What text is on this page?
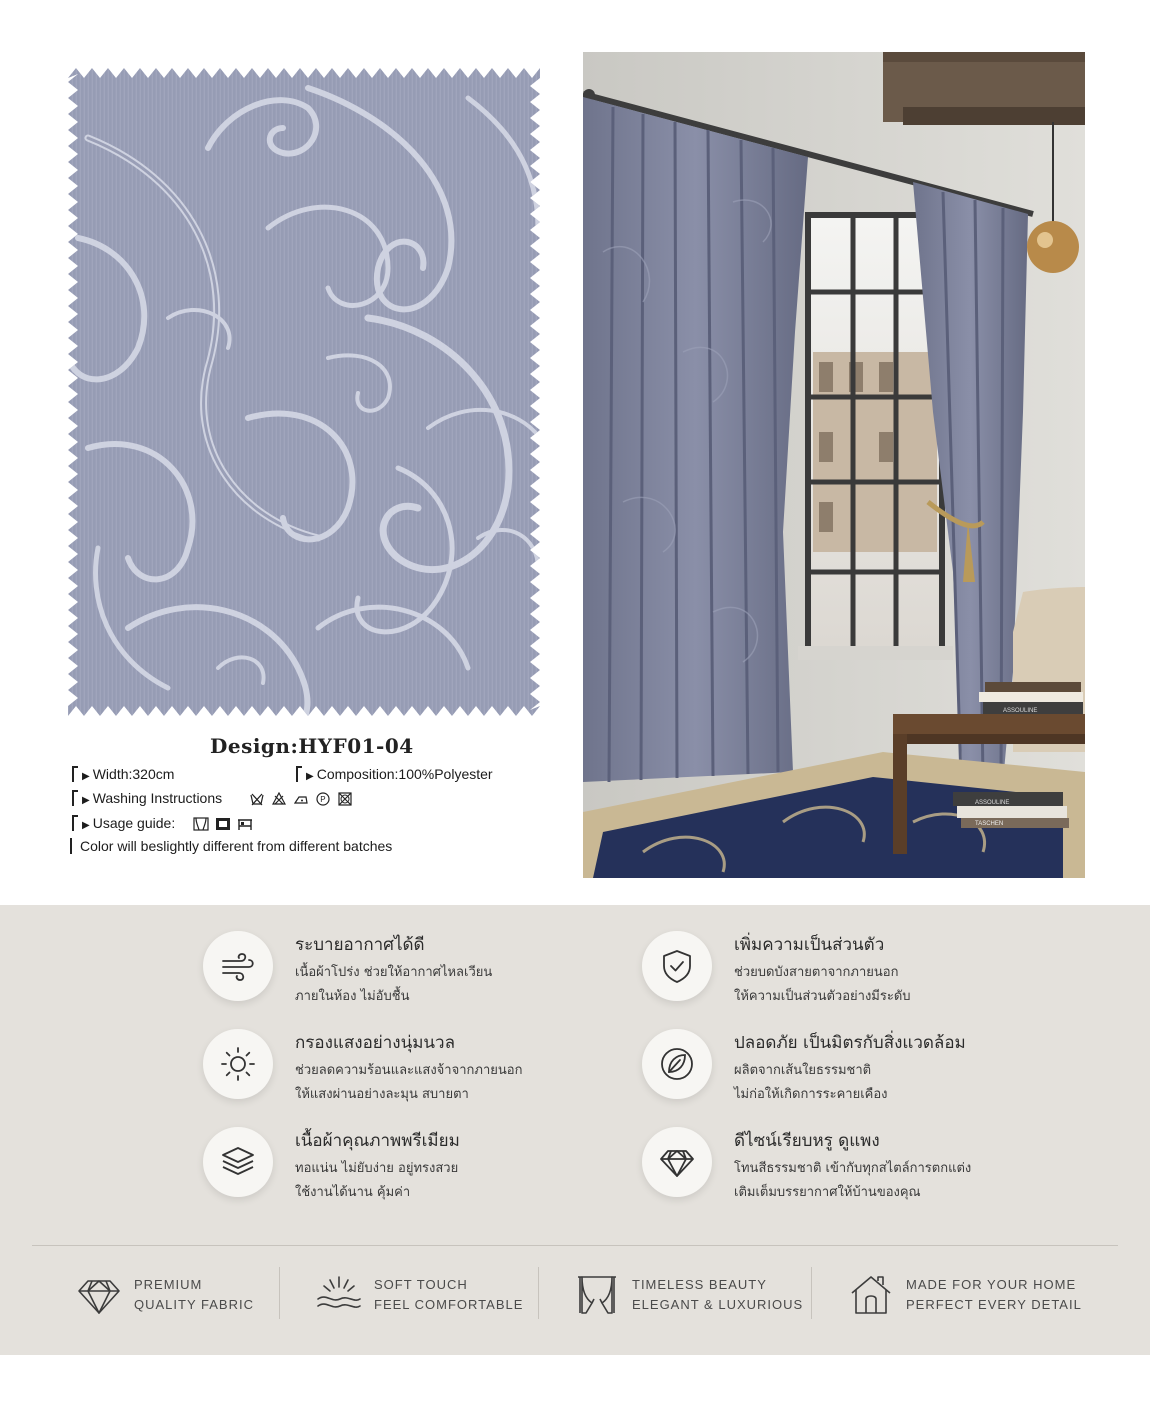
ASSOULINE
TASCHEN
ASSOULINE
Design:HYF01-04
▶ Width:320cm	▶ Composition:100%Polyester
▶ Washing Instructions	P
▶ Usage guide:
Color will beslightly different from different batches
ระบายอากาศได้ดี
เนื้อผ้าโปร่ง ช่วยให้อากาศไหลเวียน
ภายในห้อง ไม่อับชื้น
เพิ่มความเป็นส่วนตัว
ช่วยบดบังสายตาจากภายนอก
ให้ความเป็นส่วนตัวอย่างมีระดับ
กรองแสงอย่างนุ่มนวล
ช่วยลดความร้อนและแสงจ้าจากภายนอก
ให้แสงผ่านอย่างละมุน สบายตา
ปลอดภัย เป็นมิตรกับสิ่งแวดล้อม
ผลิตจากเส้นใยธรรมชาติ
ไม่ก่อให้เกิดการระคายเคือง
เนื้อผ้าคุณภาพพรีเมียม
ทอแน่น ไม่ยับง่าย อยู่ทรงสวย
ใช้งานได้นาน คุ้มค่า
ดีไซน์เรียบหรู ดูแพง
โทนสีธรรมชาติ เข้ากับทุกสไตล์การตกแต่ง
เติมเต็มบรรยากาศให้บ้านของคุณ
PREMIUM
QUALITY FABRIC
SOFT TOUCH
FEEL COMFORTABLE
TIMELESS BEAUTY
ELEGANT & LUXURIOUS
MADE FOR YOUR HOME
PERFECT EVERY DETAIL
